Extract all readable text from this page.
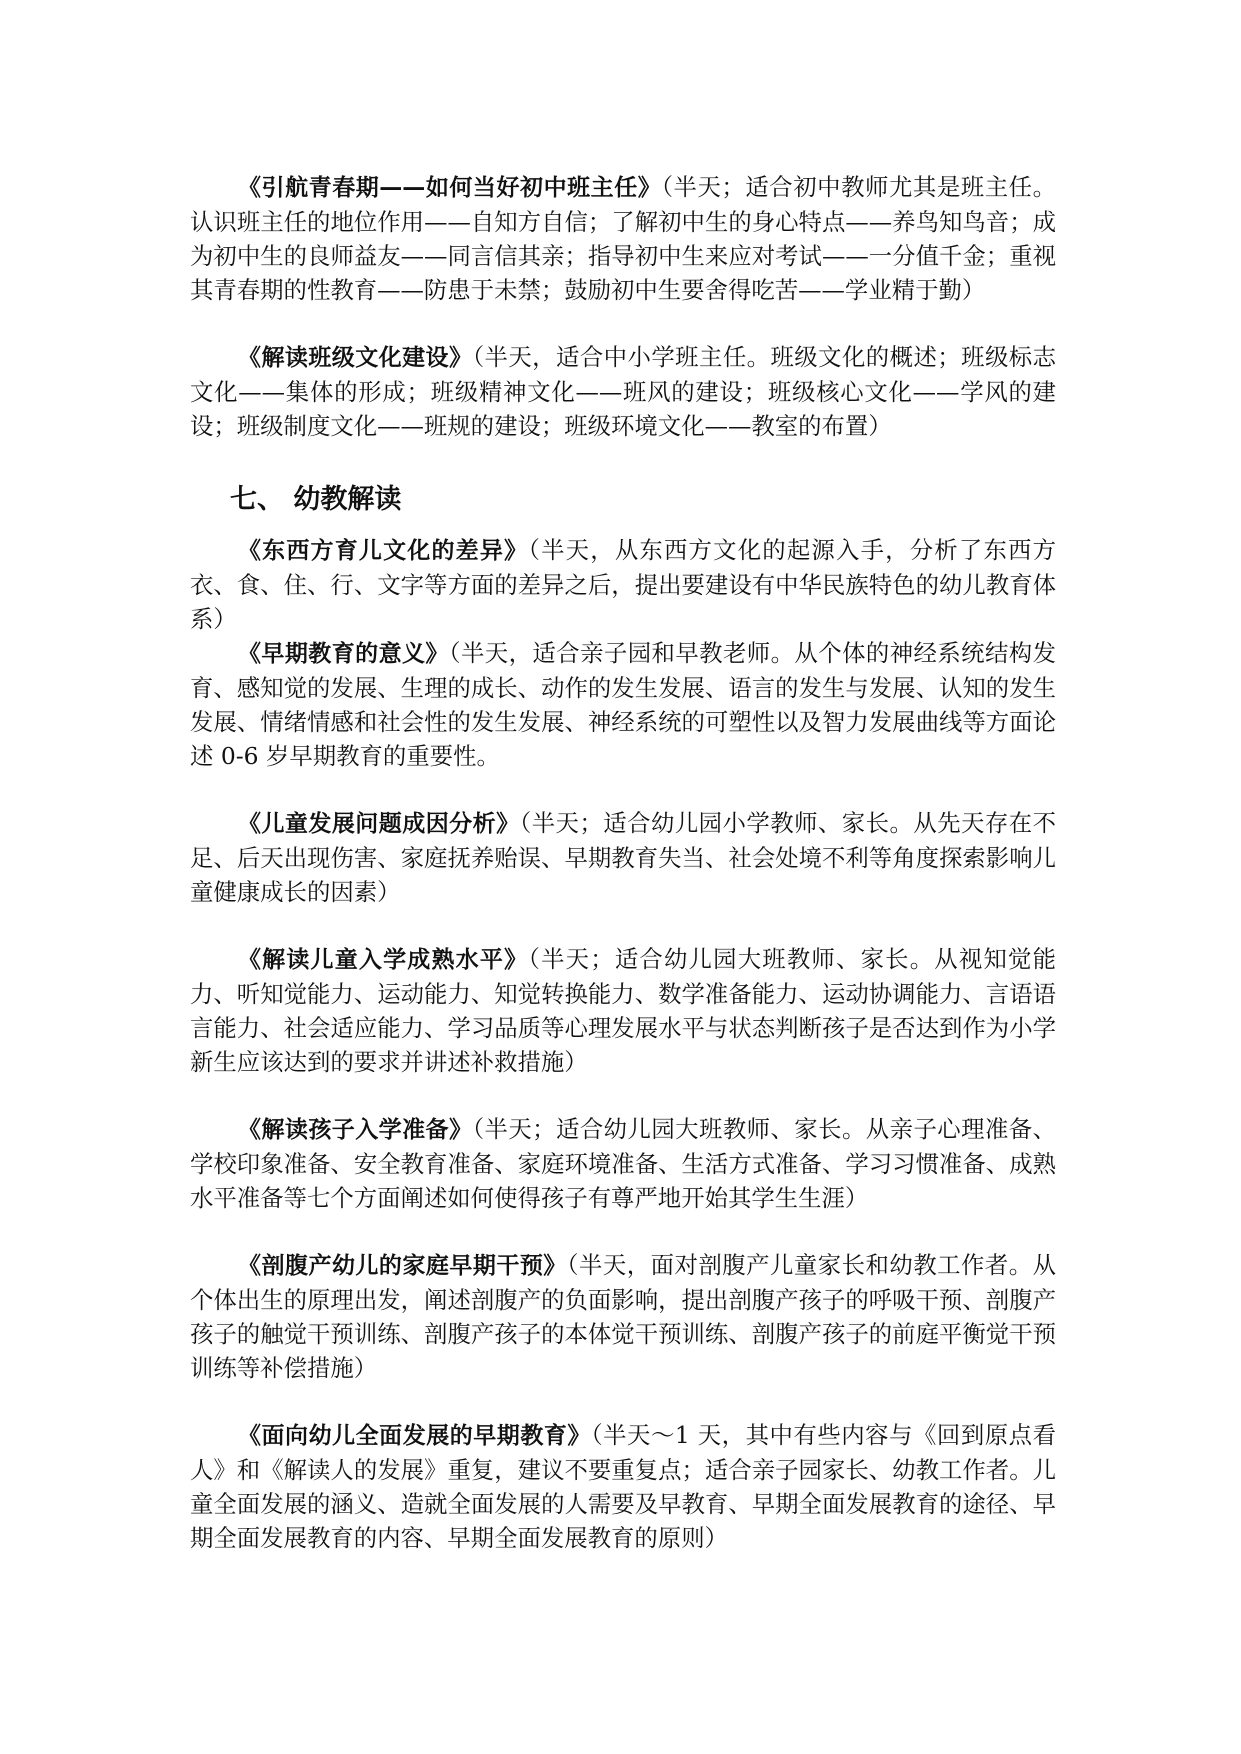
《引航青春期——如何当好初中班主任》（半天；适合初中教师尤其是班主任。认识班主任的地位作用——自知方自信；了解初中生的身心特点——养鸟知鸟音；成为初中生的良师益友——同言信其亲；指导初中生来应对考试——一分值千金；重视其青春期的性教育——防患于未禁；鼓励初中生要舍得吃苦——学业精于勤）

《解读班级文化建设》（半天，适合中小学班主任。班级文化的概述；班级标志文化——集体的形成；班级精神文化——班风的建设；班级核心文化——学风的建设；班级制度文化——班规的建设；班级环境文化——教室的布置）

七、 幼教解读

《东西方育儿文化的差异》（半天，从东西方文化的起源入手，分析了东西方衣、食、住、行、文字等方面的差异之后，提出要建设有中华民族特色的幼儿教育体系）

《早期教育的意义》（半天，适合亲子园和早教老师。从个体的神经系统结构发育、感知觉的发展、生理的成长、动作的发生发展、语言的发生与发展、认知的发生发展、情绪情感和社会性的发生发展、神经系统的可塑性以及智力发展曲线等方面论述 0-6 岁早期教育的重要性。

《儿童发展问题成因分析》（半天；适合幼儿园小学教师、家长。从先天存在不足、后天出现伤害、家庭抚养贻误、早期教育失当、社会处境不利等角度探索影响儿童健康成长的因素）

《解读儿童入学成熟水平》（半天；适合幼儿园大班教师、家长。从视知觉能力、听知觉能力、运动能力、知觉转换能力、数学准备能力、运动协调能力、言语语言能力、社会适应能力、学习品质等心理发展水平与状态判断孩子是否达到作为小学新生应该达到的要求并讲述补救措施）

《解读孩子入学准备》（半天；适合幼儿园大班教师、家长。从亲子心理准备、学校印象准备、安全教育准备、家庭环境准备、生活方式准备、学习习惯准备、成熟水平准备等七个方面阐述如何使得孩子有尊严地开始其学生生涯）

《剖腹产幼儿的家庭早期干预》（半天，面对剖腹产儿童家长和幼教工作者。从个体出生的原理出发，阐述剖腹产的负面影响，提出剖腹产孩子的呼吸干预、剖腹产孩子的触觉干预训练、剖腹产孩子的本体觉干预训练、剖腹产孩子的前庭平衡觉干预训练等补偿措施）

《面向幼儿全面发展的早期教育》（半天～1 天，其中有些内容与《回到原点看人》和《解读人的发展》重复，建议不要重复点；适合亲子园家长、幼教工作者。儿童全面发展的涵义、造就全面发展的人需要及早教育、早期全面发展教育的途径、早期全面发展教育的内容、早期全面发展教育的原则）
